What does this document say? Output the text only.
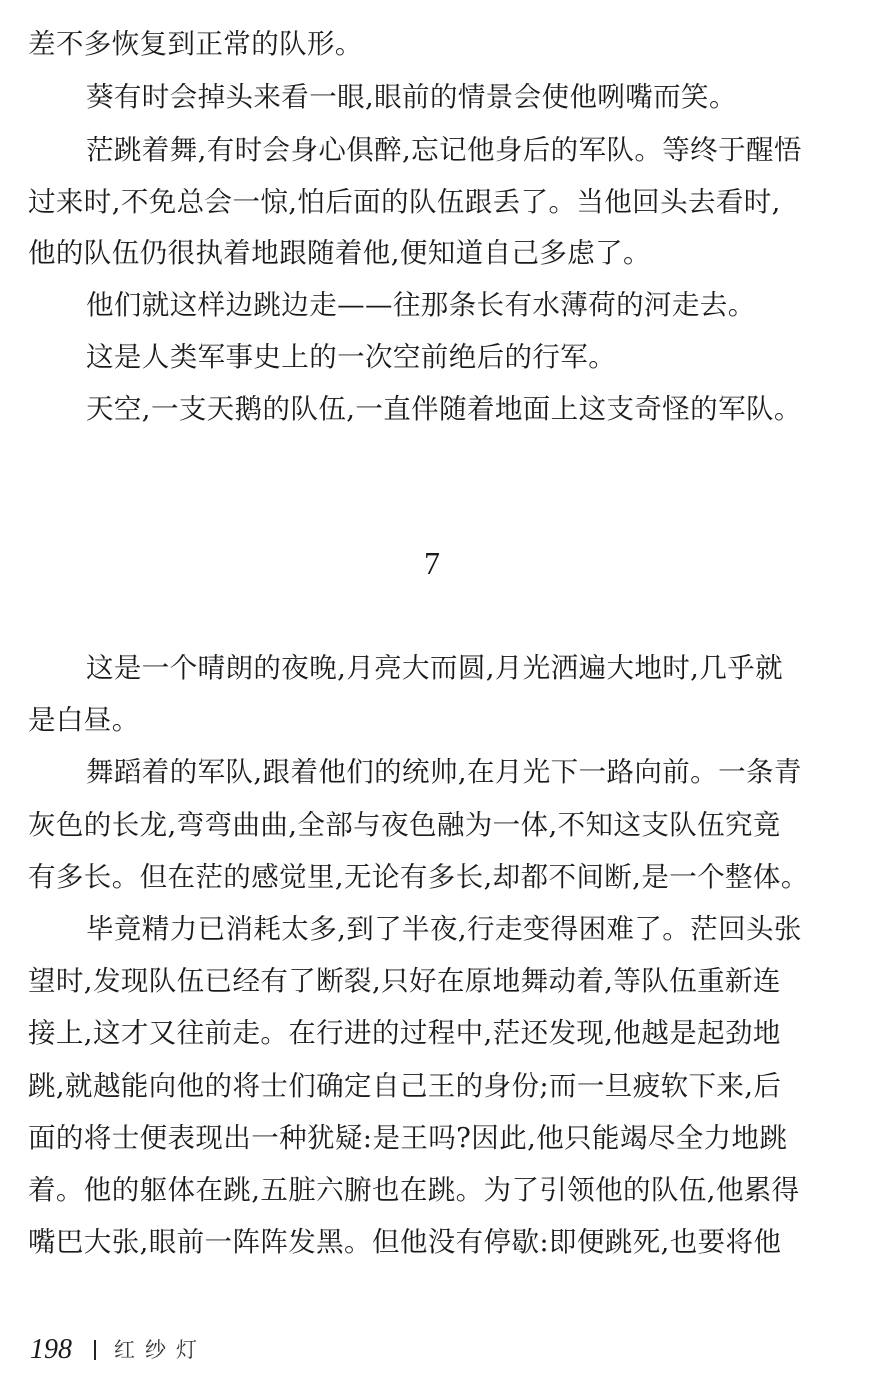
差不多恢复到正常的队形。
葵有时会掉头来看一眼,眼前的情景会使他咧嘴而笑。
茫跳着舞,有时会身心俱醉,忘记他身后的军队。等终于醒悟
过来时,不免总会一惊,怕后面的队伍跟丢了。当他回头去看时,
他的队伍仍很执着地跟随着他,便知道自己多虑了。
他们就这样边跳边走——往那条长有水薄荷的河走去。
这是人类军事史上的一次空前绝后的行军。
天空,一支天鹅的队伍,一直伴随着地面上这支奇怪的军队。
7
这是一个晴朗的夜晚,月亮大而圆,月光洒遍大地时,几乎就
是白昼。
舞蹈着的军队,跟着他们的统帅,在月光下一路向前。一条青
灰色的长龙,弯弯曲曲,全部与夜色融为一体,不知这支队伍究竟
有多长。但在茫的感觉里,无论有多长,却都不间断,是一个整体。
毕竟精力已消耗太多,到了半夜,行走变得困难了。茫回头张
望时,发现队伍已经有了断裂,只好在原地舞动着,等队伍重新连
接上,这才又往前走。在行进的过程中,茫还发现,他越是起劲地
跳,就越能向他的将士们确定自己王的身份;而一旦疲软下来,后
面的将士便表现出一种犹疑:是王吗?因此,他只能竭尽全力地跳
着。他的躯体在跳,五脏六腑也在跳。为了引领他的队伍,他累得
嘴巴大张,眼前一阵阵发黑。但他没有停歇:即便跳死,也要将他
198 红纱灯
